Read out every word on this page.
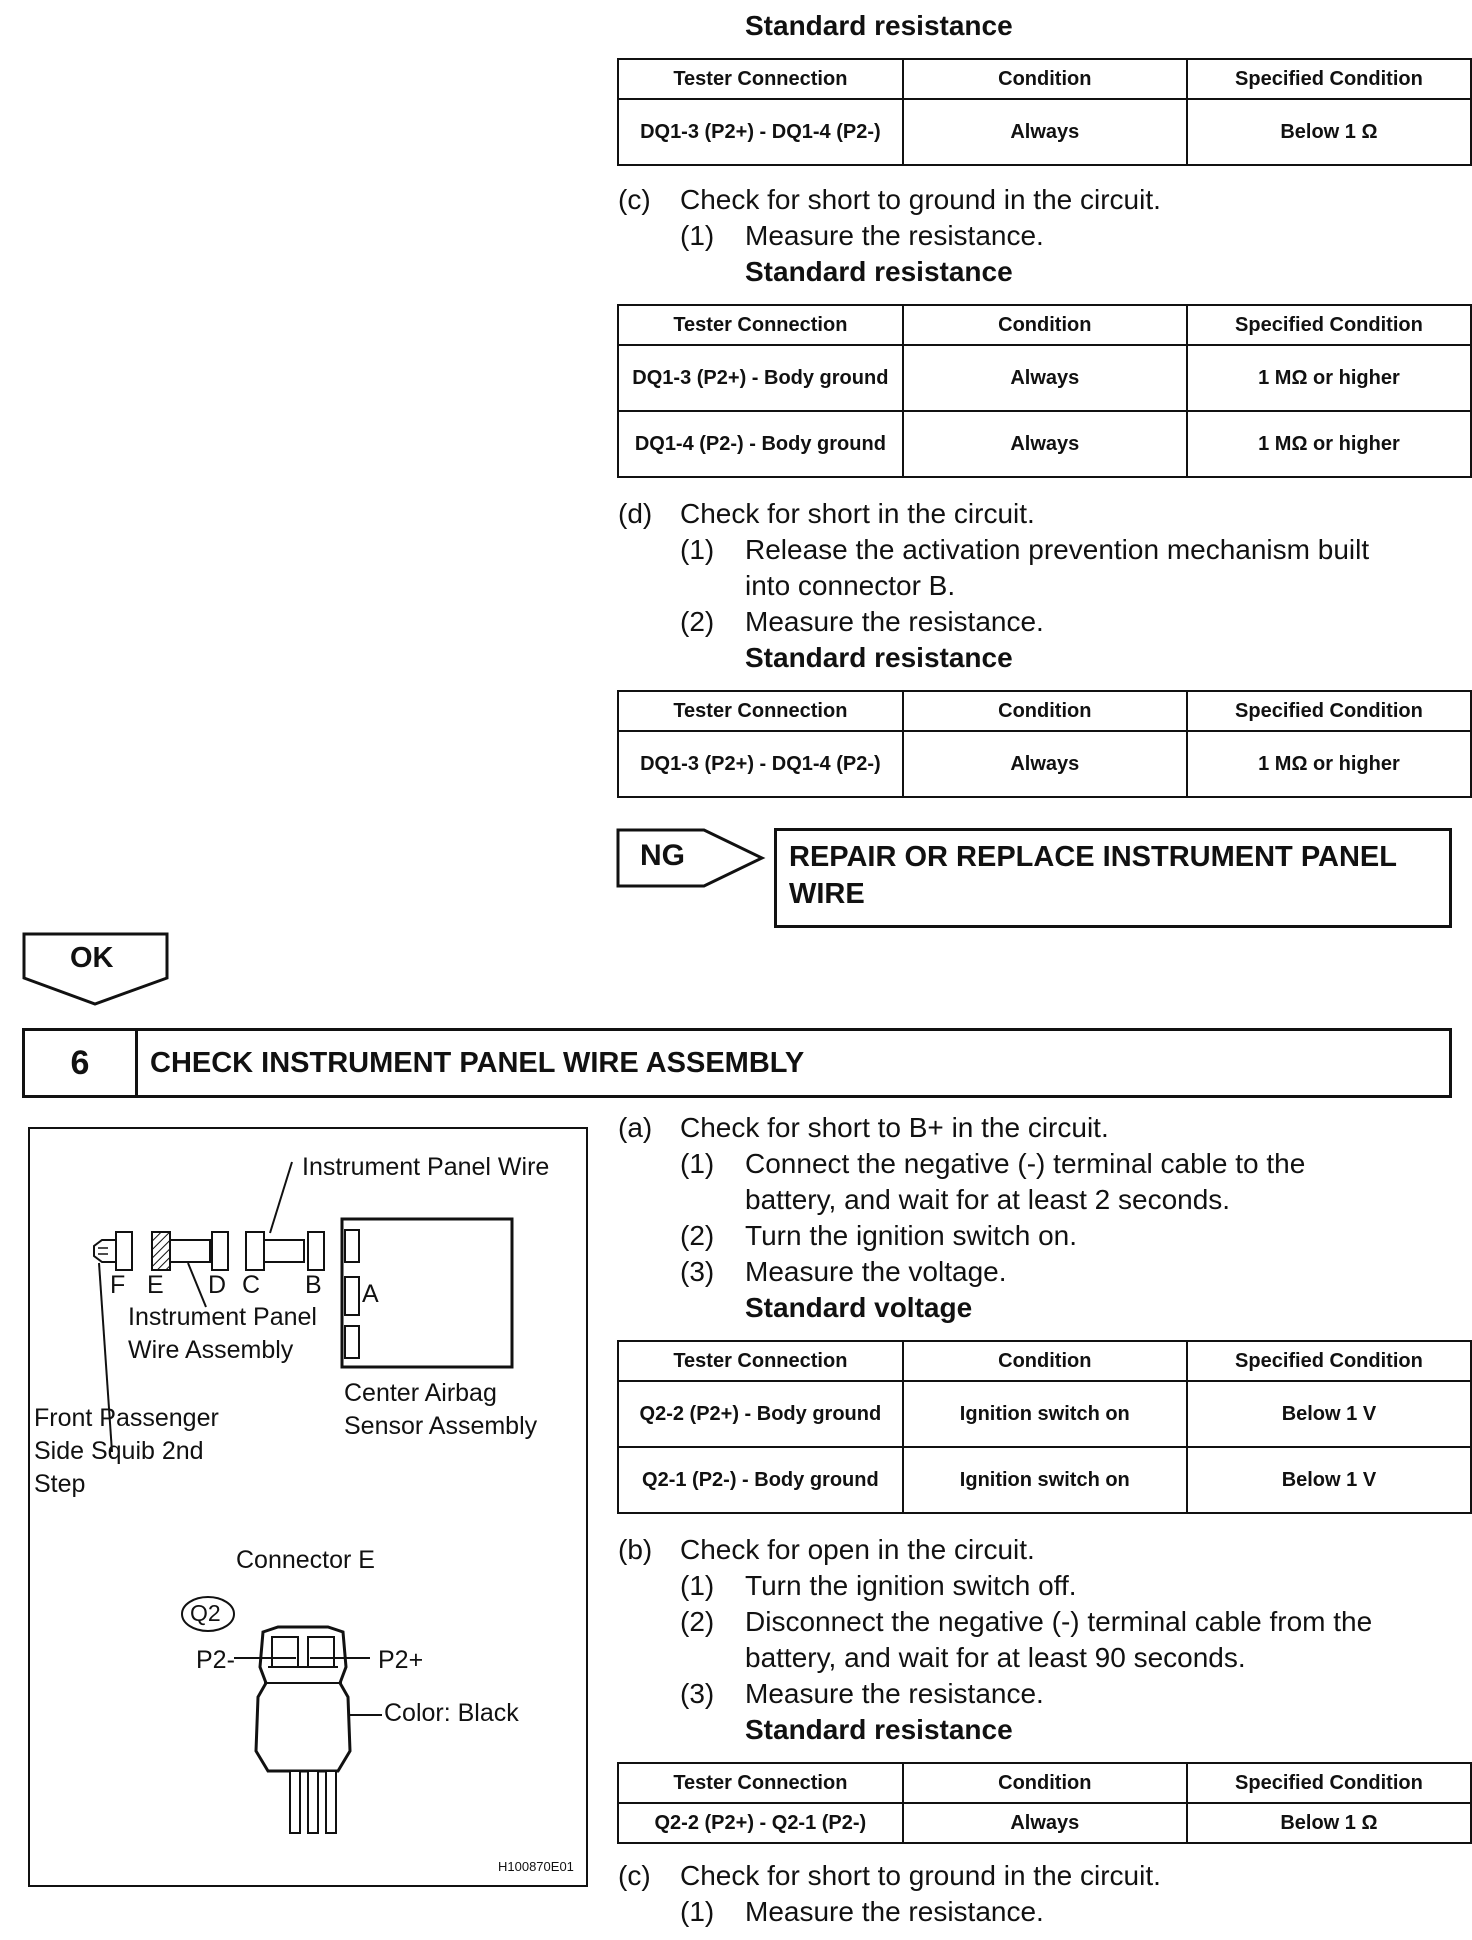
Standard resistance
Tester Connection	Condition	Specified Condition
DQ1-3 (P2+) - DQ1-4 (P2-)	Always	Below 1 Ω
(c) Check for short to ground in the circuit.
(1) Measure the resistance.
Standard resistance
Tester Connection	Condition	Specified Condition
DQ1-3 (P2+) - Body ground	Always	1 MΩ or higher
DQ1-4 (P2-) - Body ground	Always	1 MΩ or higher
(d) Check for short in the circuit.
(1) Release the activation prevention mechanism built
into connector B.
(2) Measure the resistance.
Standard resistance
Tester Connection	Condition	Specified Condition
DQ1-3 (P2+) - DQ1-4 (P2-)	Always	1 MΩ or higher
NG	REPAIR OR REPLACE INSTRUMENT PANEL WIRE
OK
6	CHECK INSTRUMENT PANEL WIRE ASSEMBLY
Instrument Panel Wire
F E D C B A
Instrument Panel
Wire Assembly
Center Airbag
Sensor Assembly
Front Passenger
Side Squib 2nd
Step
Connector E
Q2
P2-	P2+
Color: Black
H100870E01
(a) Check for short to B+ in the circuit.
(1) Connect the negative (-) terminal cable to the
battery, and wait for at least 2 seconds.
(2) Turn the ignition switch on.
(3) Measure the voltage.
Standard voltage
Tester Connection	Condition	Specified Condition
Q2-2 (P2+) - Body ground	Ignition switch on	Below 1 V
Q2-1 (P2-) - Body ground	Ignition switch on	Below 1 V
(b) Check for open in the circuit.
(1) Turn the ignition switch off.
(2) Disconnect the negative (-) terminal cable from the
battery, and wait for at least 90 seconds.
(3) Measure the resistance.
Standard resistance
Tester Connection	Condition	Specified Condition
Q2-2 (P2+) - Q2-1 (P2-)	Always	Below 1 Ω
(c) Check for short to ground in the circuit.
(1) Measure the resistance.
